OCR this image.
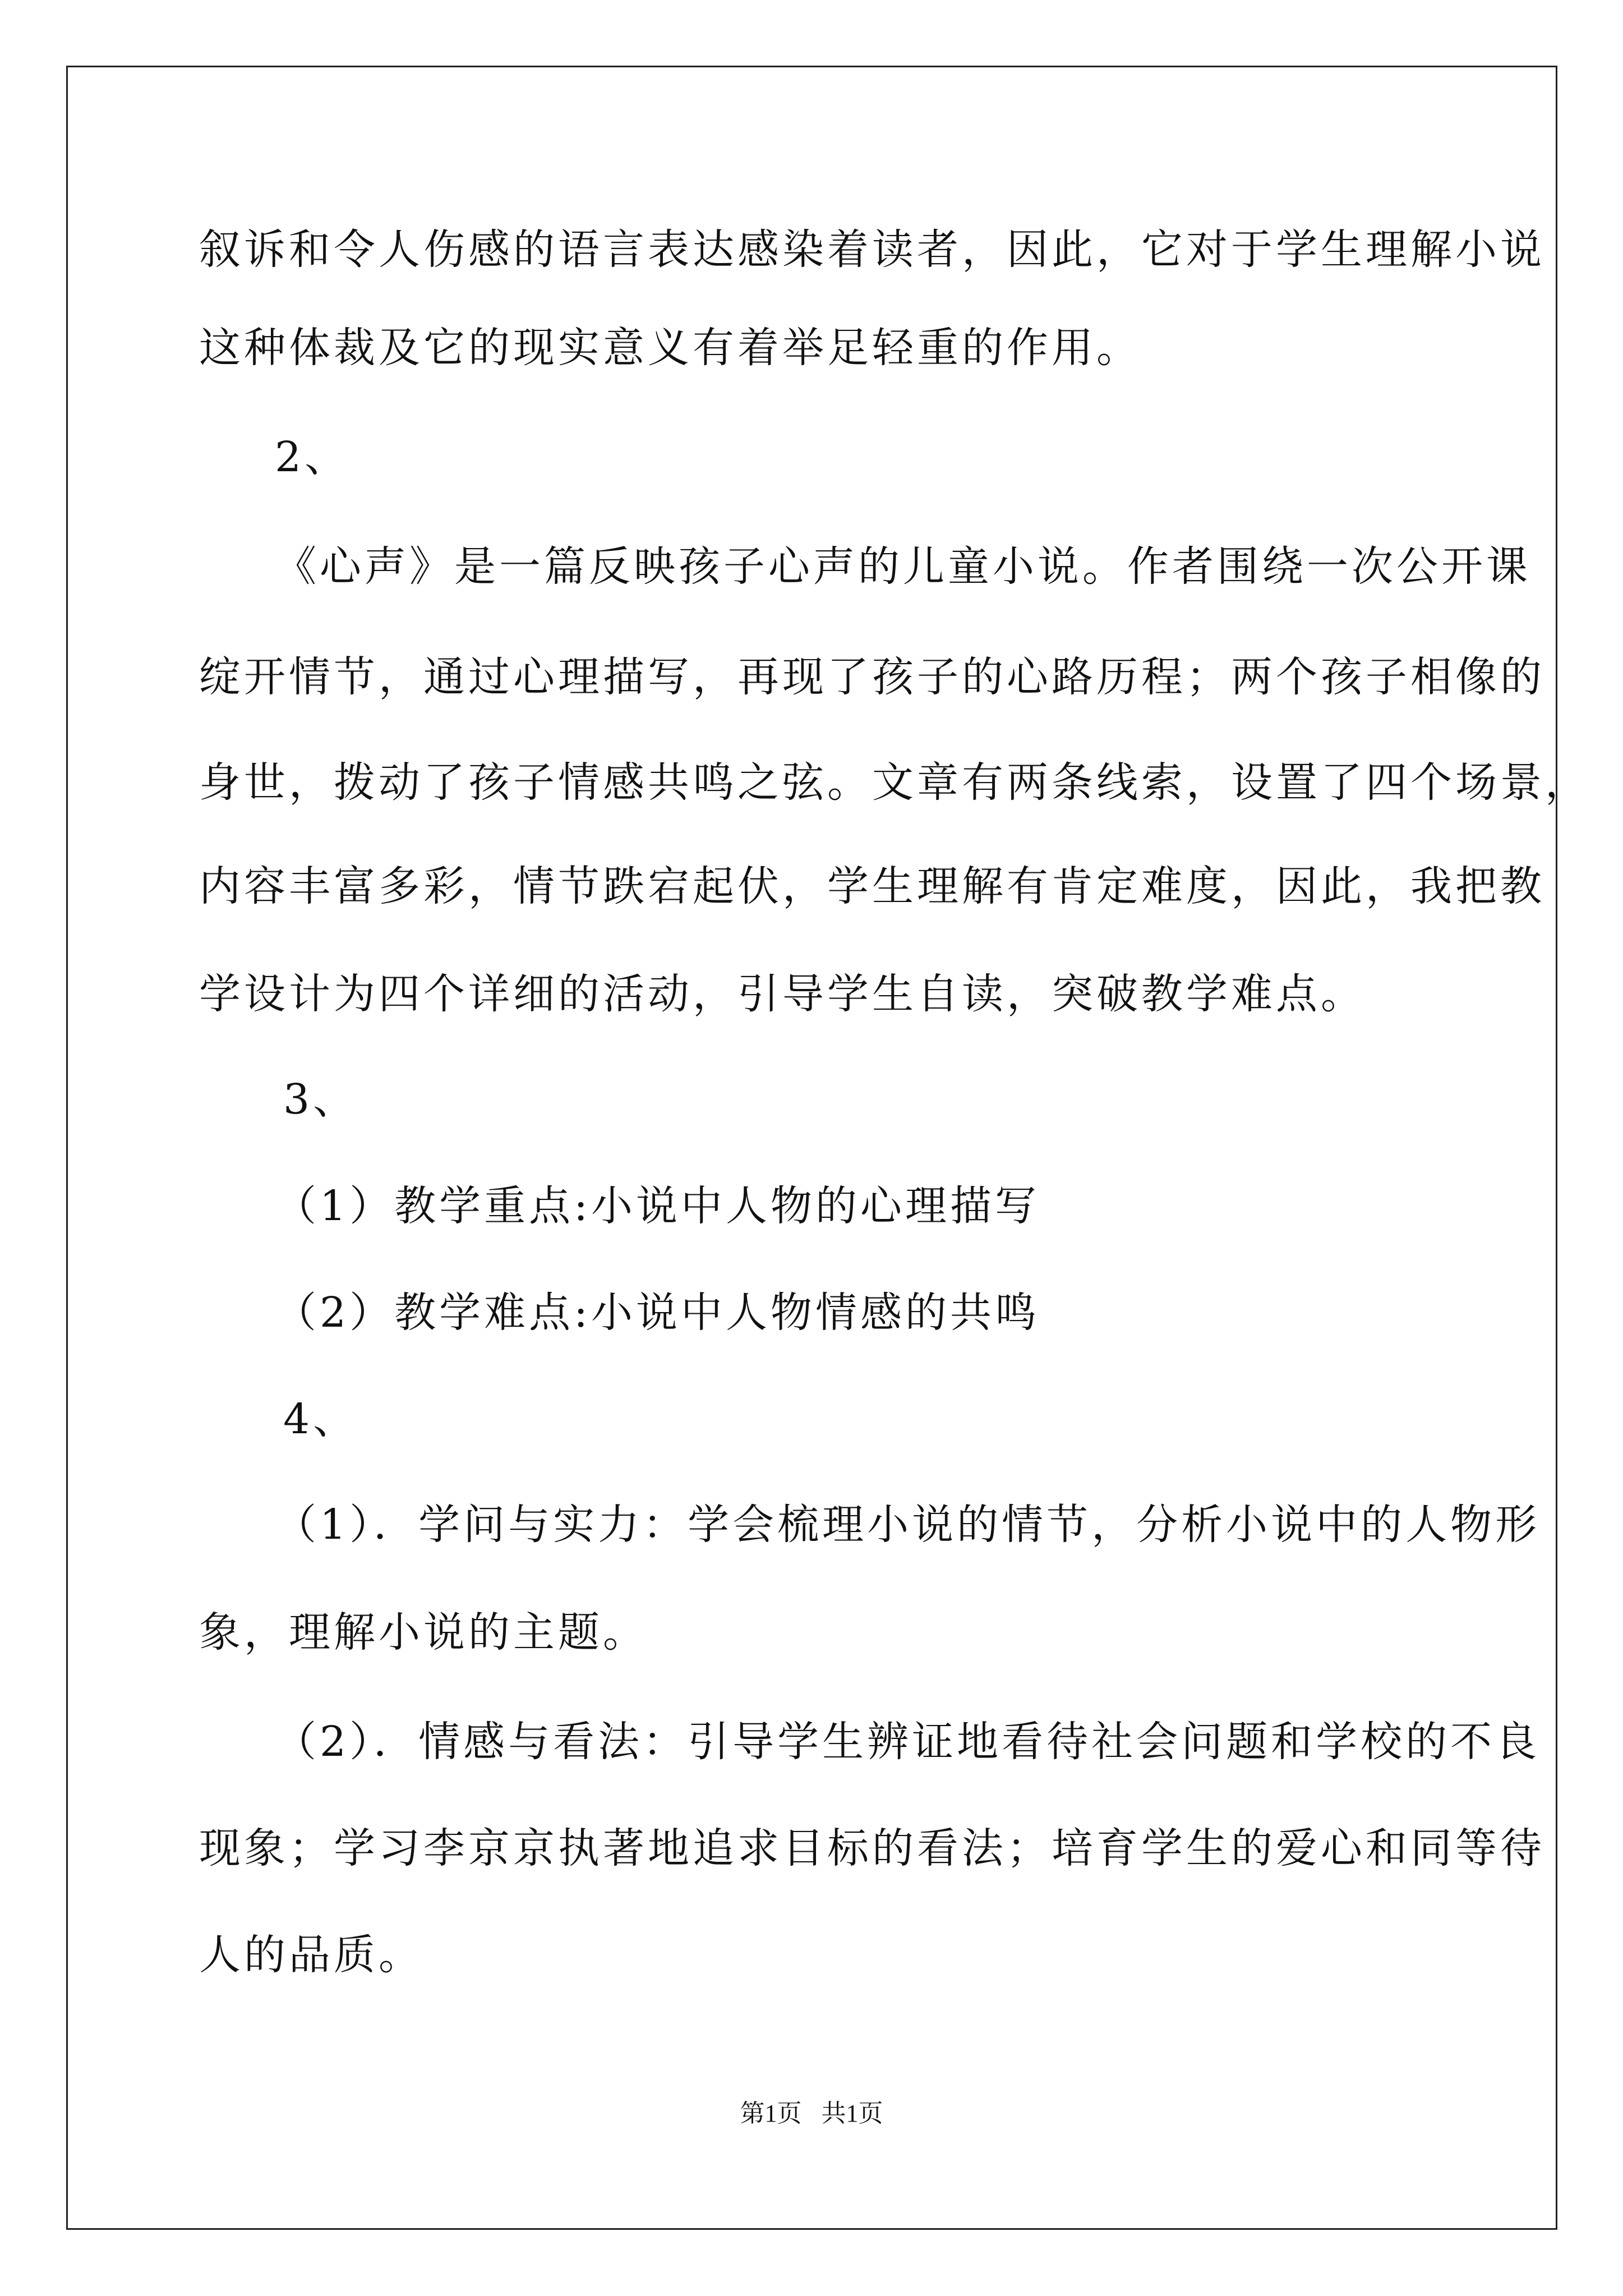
叙诉和令人伤感的语言表达感染着读者，因此，它对于学生理解小说
这种体裁及它的现实意义有着举足轻重的作用。
2、
《心声》是一篇反映孩子心声的儿童小说。作者围绕一次公开课
绽开情节，通过心理描写，再现了孩子的心路历程；两个孩子相像的
身世，拨动了孩子情感共鸣之弦。文章有两条线索，设置了四个场景，
内容丰富多彩，情节跌宕起伏，学生理解有肯定难度，因此，我把教
学设计为四个详细的活动，引导学生自读，突破教学难点。
3、
（1）教学重点:小说中人物的心理描写
（2）教学难点:小说中人物情感的共鸣
4、
（1）．学问与实力：学会梳理小说的情节，分析小说中的人物形
象，理解小说的主题。
（2）．情感与看法：引导学生辨证地看待社会问题和学校的不良
现象；学习李京京执著地追求目标的看法；培育学生的爱心和同等待
人的品质。
第1页 共1页
